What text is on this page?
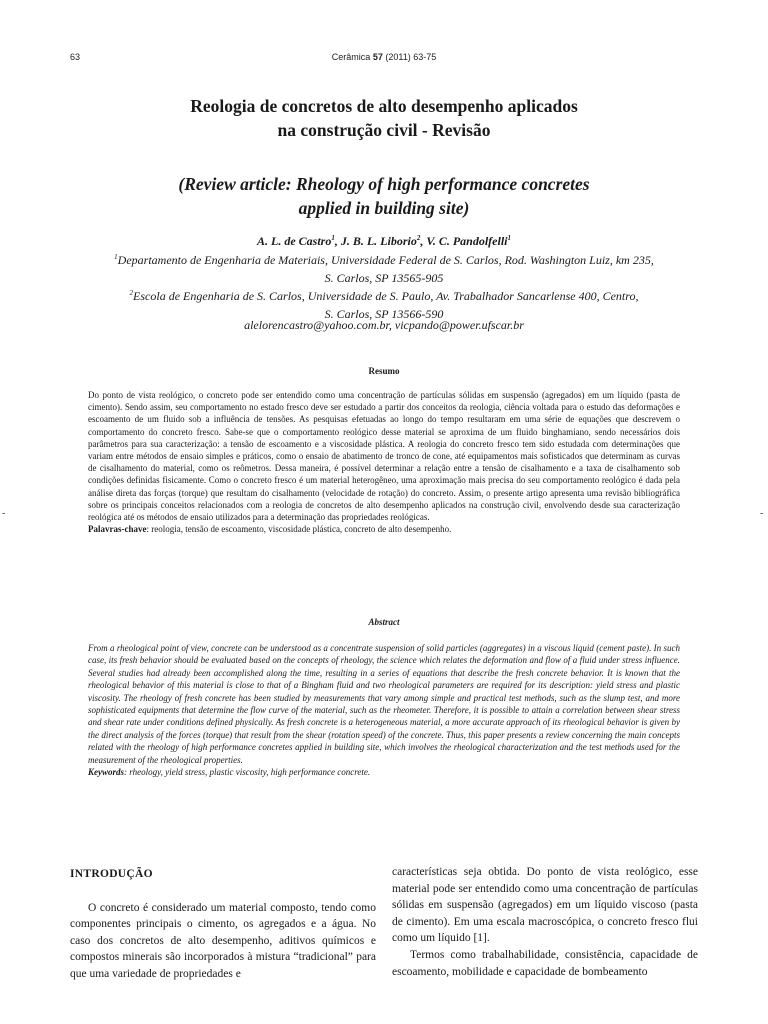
63	Cerâmica 57 (2011) 63-75
Reologia de concretos de alto desempenho aplicados
na construção civil - Revisão
(Review article: Rheology of high performance concretes
applied in building site)
A. L. de Castro$^1$, J. B. L. Liborio$^2$, V. C. Pandolfelli$^1$
$^1$Departamento de Engenharia de Materiais, Universidade Federal de S. Carlos, Rod. Washington Luiz, km 235,
S. Carlos, SP 13565-905
$^2$Escola de Engenharia de S. Carlos, Universidade de S. Paulo, Av. Trabalhador Sancarlense 400, Centro,
S. Carlos, SP 13566-590
alelorencastro@yahoo.com.br, vicpando@power.ufscar.br
Resumo
Do ponto de vista reológico, o concreto pode ser entendido como uma concentração de partículas sólidas em suspensão (agregados) em um líquido (pasta de cimento). Sendo assim, seu comportamento no estado fresco deve ser estudado a partir dos conceitos da reologia, ciência voltada para o estudo das deformações e escoamento de um fluido sob a influência de tensões. As pesquisas efetuadas ao longo do tempo resultaram em uma série de equações que descrevem o comportamento do concreto fresco. Sabe-se que o comportamento reológico desse material se aproxima de um fluido binghamiano, sendo necessários dois parâmetros para sua caracterização: a tensão de escoamento e a viscosidade plástica. A reologia do concreto fresco tem sido estudada com determinações que variam entre métodos de ensaio simples e práticos, como o ensaio de abatimento de tronco de cone, até equipamentos mais sofisticados que determinam as curvas de cisalhamento do material, como os reômetros. Dessa maneira, é possível determinar a relação entre a tensão de cisalhamento e a taxa de cisalhamento sob condições definidas fisicamente. Como o concreto fresco é um material heterogêneo, uma aproximação mais precisa do seu comportamento reológico é dada pela análise direta das forças (torque) que resultam do cisalhamento (velocidade de rotação) do concreto. Assim, o presente artigo apresenta uma revisão bibliográfica sobre os principais conceitos relacionados com a reologia de concretos de alto desempenho aplicados na construção civil, envolvendo desde sua caracterização reológica até os métodos de ensaio utilizados para a determinação das propriedades reológicas.
Palavras-chave: reologia, tensão de escoamento, viscosidade plástica, concreto de alto desempenho.
Abstract
From a rheological point of view, concrete can be understood as a concentrate suspension of solid particles (aggregates) in a viscous liquid (cement paste). In such case, its fresh behavior should be evaluated based on the concepts of rheology, the science which relates the deformation and flow of a fluid under stress influence. Several studies had already been accomplished along the time, resulting in a series of equations that describe the fresh concrete behavior. It is known that the rheological behavior of this material is close to that of a Bingham fluid and two rheological parameters are required for its description: yield stress and plastic viscosity. The rheology of fresh concrete has been studied by measurements that vary among simple and practical test methods, such as the slump test, and more sophisticated equipments that determine the flow curve of the material, such as the rheometer. Therefore, it is possible to attain a correlation between shear stress and shear rate under conditions defined physically. As fresh concrete is a heterogeneous material, a more accurate approach of its rheological behavior is given by the direct analysis of the forces (torque) that result from the shear (rotation speed) of the concrete. Thus, this paper presents a review concerning the main concepts related with the rheology of high performance concretes applied in building site, which involves the rheological characterization and the test methods used for the measurement of the rheological properties.
Keywords: rheology, yield stress, plastic viscosity, high performance concrete.
INTRODUÇÃO

O concreto é considerado um material composto, tendo como componentes principais o cimento, os agregados e a água. No caso dos concretos de alto desempenho, aditivos químicos e compostos minerais são incorporados à mistura “tradicional” para que uma variedade de propriedades e

características seja obtida. Do ponto de vista reológico, esse material pode ser entendido como uma concentração de partículas sólidas em suspensão (agregados) em um líquido viscoso (pasta de cimento). Em uma escala macroscópica, o concreto fresco flui como um líquido [1].

Termos como trabalhabilidade, consistência, capacidade de escoamento, mobilidade e capacidade de bombeamento

-	-
